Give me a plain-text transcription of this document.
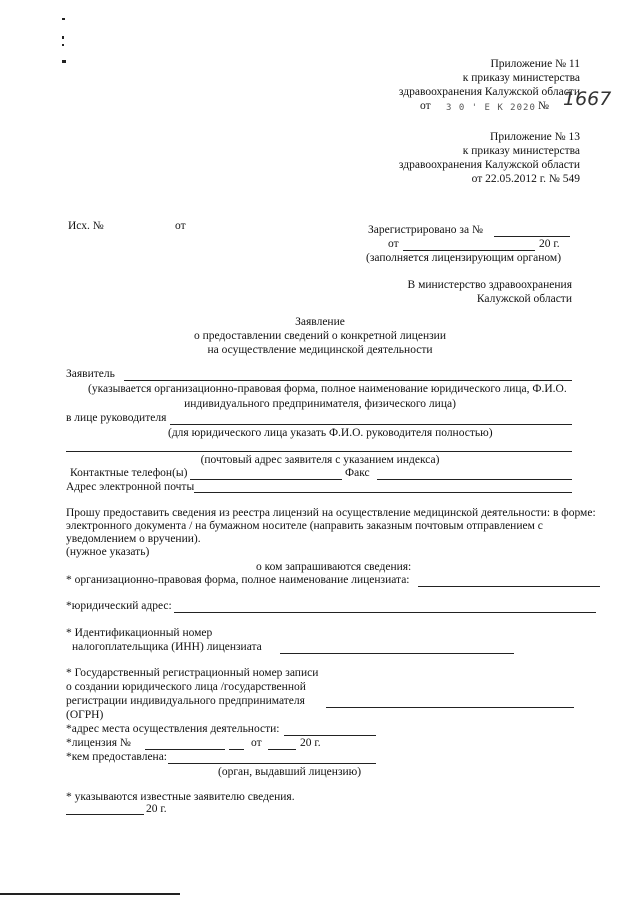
Приложение № 11
к приказу министерства
здравоохранения Калужской области
от 3 0 ' Е К 2020 № 1667
Приложение № 13
к приказу министерства
здравоохранения Калужской области
от 22.05.2012 г. № 549
Исх. №	от	Зарегистрировано за №
от	20 г.
(заполняется лицензирующим органом)
В министерство здравоохранения
Калужской области
Заявление
о предоставлении сведений о конкретной лицензии
на осуществление медицинской деятельности
Заявитель
(указывается организационно-правовая форма, полное наименование юридического лица, Ф.И.О.
индивидуального предпринимателя, физического лица)
в лице руководителя
(для юридического лица указать Ф.И.О. руководителя полностью)
(почтовый адрес заявителя с указанием индекса)
Контактные телефон(ы)	Факс
Адрес электронной почты
Прошу предоставить сведения из реестра лицензий на осуществление медицинской деятельности: в форме:
электронного документа / на бумажном носителе (направить заказным почтовым отправлением с
уведомлением о вручении).
(нужное указать)
о ком запрашиваются сведения:
* организационно-правовая форма, полное наименование лицензиата:
*юридический адрес:
* Идентификационный номер
налогоплательщика (ИНН) лицензиата
* Государственный регистрационный номер записи
о создании юридического лица /государственной
регистрации индивидуального предпринимателя
(ОГРН)
*адрес места осуществления деятельности:
*лицензия №	от	20 г.
*кем предоставлена:
(орган, выдавший лицензию)
* указываются известные заявителю сведения.
20 г.
